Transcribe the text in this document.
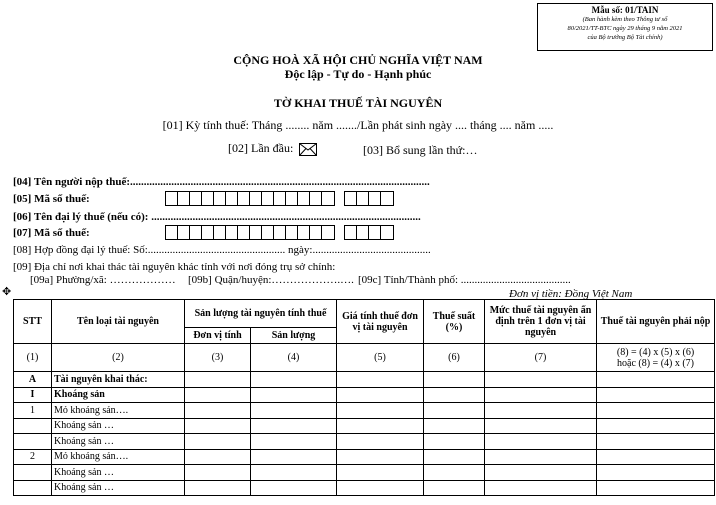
Mẫu số: 01/TAIN
(Ban hành kèm theo Thông tư số
80/2021/TT-BTC ngày 29 tháng 9 năm 2021
của Bộ trưởng Bộ Tài chính)
CỘNG HOÀ XÃ HỘI CHỦ NGHĨA VIỆT NAM
Độc lập - Tự do - Hạnh phúc
TỜ KHAI THUẾ TÀI NGUYÊN
[01] Kỳ tính thuế: Tháng ........ năm ......./Lần phát sinh ngày .... tháng .... năm .....
[02] Lần đầu:	[03] Bổ sung lần thứ:…
[04] Tên người nộp thuế:.............................................................................................................
[05] Mã số thuế:
[06] Tên đại lý thuế (nếu có): ..................................................................................................
[07] Mã số thuế:
[08] Hợp đồng đại lý thuế: Số:.................................................. ngày:...........................................
[09] Địa chỉ nơi khai thác tài nguyên khác tỉnh với nơi đóng trụ sở chính:
[09a] Phường/xã: ……………… [09b] Quận/huyện:……………….…. [09c] Tỉnh/Thành phố: ........................................
Đơn vị tiền: Đồng Việt Nam
✥
STT	Tên loại tài nguyên	Sản lượng tài nguyên tính thuế		Giá tính thuế đơn vị tài nguyên	Thuế suất (%)	Mức thuế tài nguyên ấn định trên 1 đơn vị tài nguyên	Thuế tài nguyên phải nộp
		Đơn vị tính	Sản lượng				
(1)	(2)	(3)	(4)	(5)	(6)	(7)	(8) = (4) x (5) x (6)
hoặc (8) = (4) x (7)

A	Tài nguyên khai thác:						
I	Khoáng sản						
1	Mỏ khoáng sản….						
	Khoáng sản …						
	Khoáng sản …						
2	Mỏ khoáng sản….						
	Khoáng sản …						
	Khoáng sản …						
